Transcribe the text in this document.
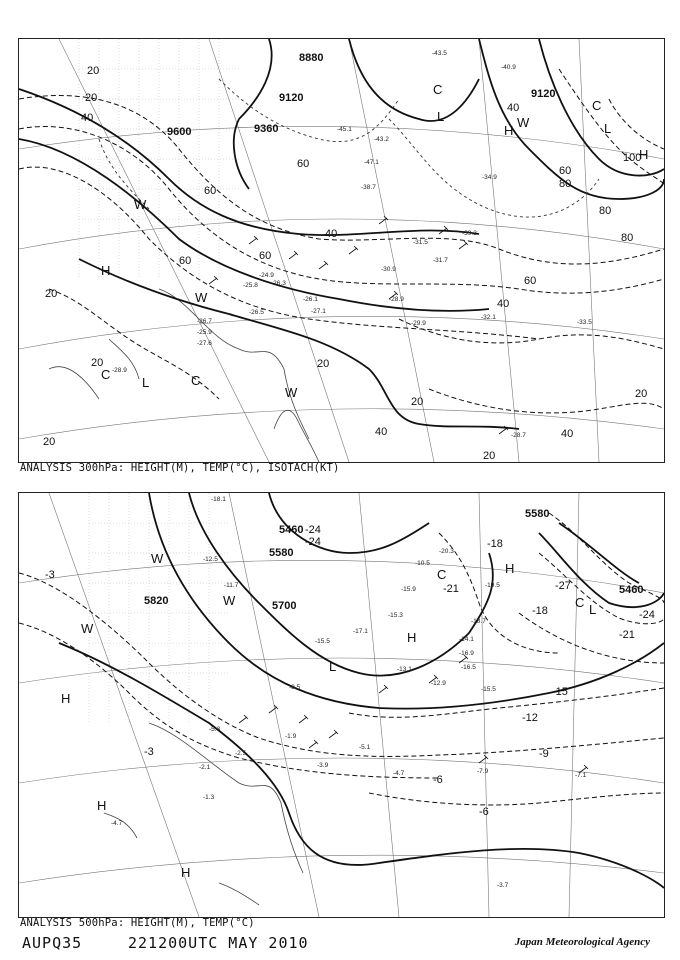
8880
9120	9120
9360
9600
20
20
20
20
20
20
20
20
20
40
40	40
40
40
40
60
60
60
60
60
60
80
80
80
100
C
C	C
C
L
L
L
H
H
H
W
W
W
W
-43.5
-43.2
-40.9
-45.1
-47.1
-38.7
-34.9
-39.3
-31.7
-31.5
-30.9
-28.9
-26.1
-25.8
-27.1
-26.5
-26.7
-25.9
-27.6
-29.9
-32.1
-28.9
-28.7
-33.5
-24.9
-26.3
ANALYSIS 300hPa: HEIGHT(M), TEMP(°C), ISOTACH(KT)
5460
5580
5580
5460
5700
5820
-24
-18
-18
-21
-21
-24
-27
-15
-12
-9
-6
-6
-3
-3
-24
H
H
H
H
H
L
L
C
C
W
W
W
-20.3
-19.5
-18.7
-15.3
-15.9
-16.5
-15.5
-12.9
-10.5
-13.1
-5.1
-4.7	-7.9
-7.1
-3.9
-3.7
-1.3
-1.9
-2.1
-2.5
-4.7
-5.3
-8.5
-11.7
-12.5
-14.1
-18.1
-17.1
-15.5
-16.9
ANALYSIS 500hPa: HEIGHT(M), TEMP(°C)
AUPQ35	221200UTC MAY 2010	Japan Meteorological Agency
